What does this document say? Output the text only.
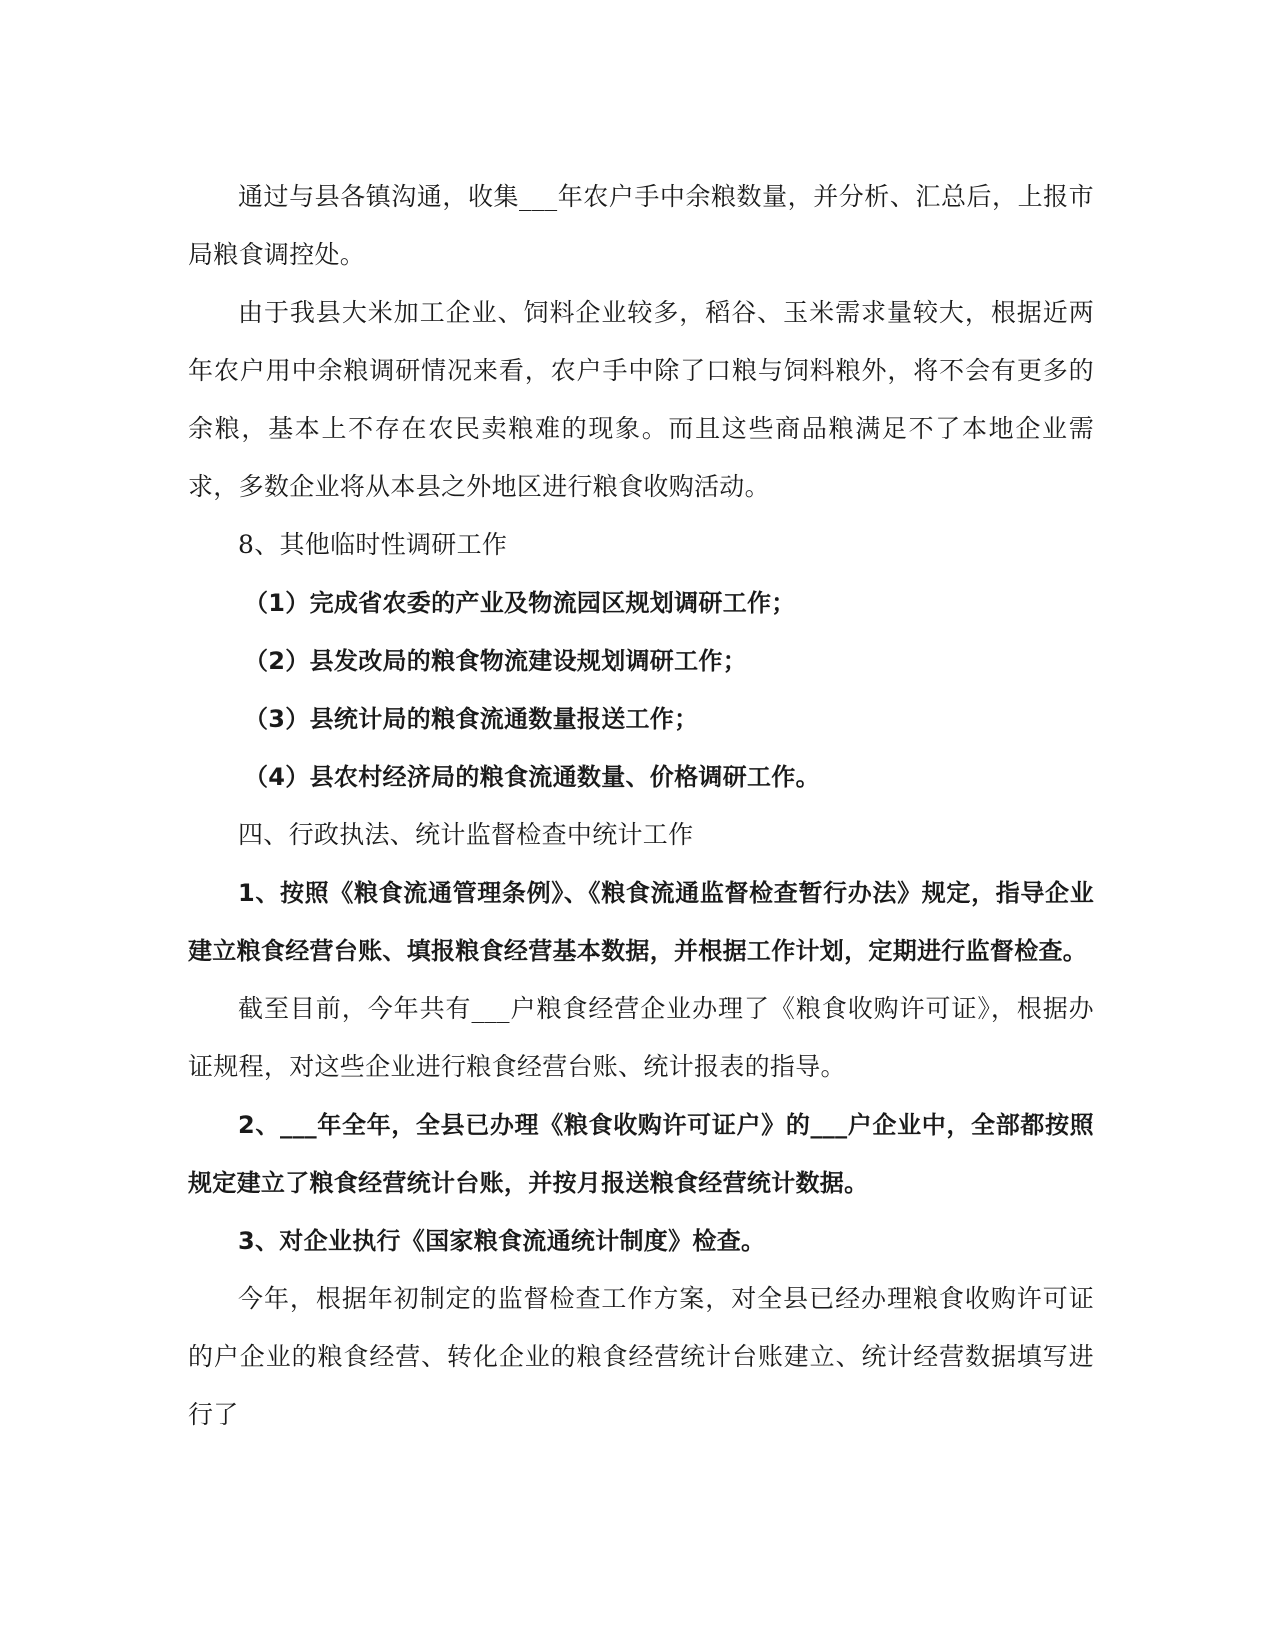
通过与县各镇沟通，收集___年农户手中余粮数量，并分析、汇总后，上报市局粮食调控处。

由于我县大米加工企业、饲料企业较多，稻谷、玉米需求量较大，根据近两年农户用中余粮调研情况来看，农户手中除了口粮与饲料粮外，将不会有更多的余粮，基本上不存在农民卖粮难的现象。而且这些商品粮满足不了本地企业需求，多数企业将从本县之外地区进行粮食收购活动。

8、其他临时性调研工作

（1）完成省农委的产业及物流园区规划调研工作；

（2）县发改局的粮食物流建设规划调研工作；

（3）县统计局的粮食流通数量报送工作；

（4）县农村经济局的粮食流通数量、价格调研工作。

四、行政执法、统计监督检查中统计工作

1、按照《粮食流通管理条例》、《粮食流通监督检查暂行办法》规定，指导企业建立粮食经营台账、填报粮食经营基本数据，并根据工作计划，定期进行监督检查。

截至目前，今年共有___户粮食经营企业办理了《粮食收购许可证》，根据办证规程，对这些企业进行粮食经营台账、统计报表的指导。

2、___年全年，全县已办理《粮食收购许可证户》的___户企业中，全部都按照规定建立了粮食经营统计台账，并按月报送粮食经营统计数据。

3、对企业执行《国家粮食流通统计制度》检查。

今年，根据年初制定的监督检查工作方案，对全县已经办理粮食收购许可证的户企业的粮食经营、转化企业的粮食经营统计台账建立、统计经营数据填写进行了
